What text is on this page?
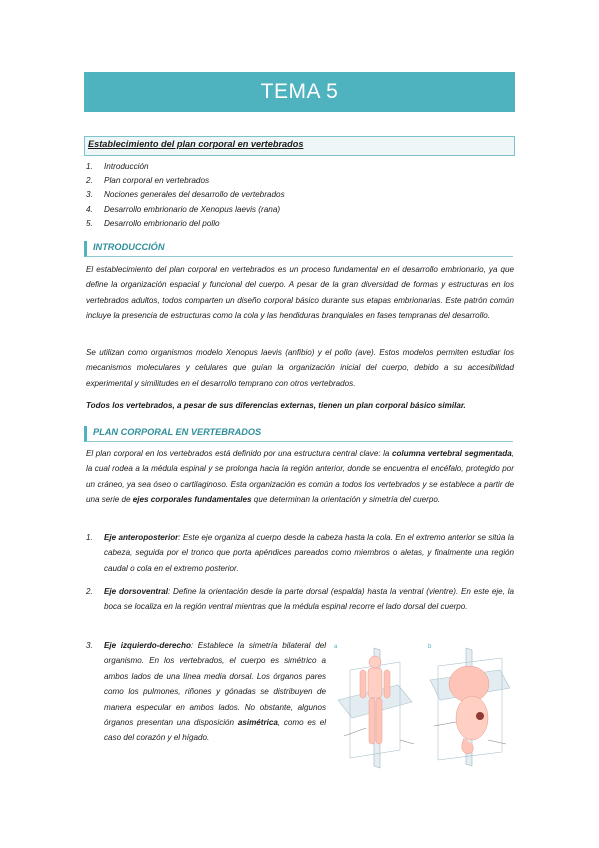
TEMA 5
Establecimiento del plan corporal en vertebrados
1.	Introducción
2.	Plan corporal en vertebrados
3.	Nociones generales del desarrollo de vertebrados
4.	Desarrollo embrionario de Xenopus laevis (rana)
5.	Desarrollo embrionario del pollo
INTRODUCCIÓN

El establecimiento del plan corporal en vertebrados es un proceso fundamental en el desarrollo embrionario, ya que define la organización espacial y funcional del cuerpo. A pesar de la gran diversidad de formas y estructuras en los vertebrados adultos, todos comparten un diseño corporal básico durante sus etapas embrionarias. Este patrón común incluye la presencia de estructuras como la cola y las hendiduras branquiales en fases tempranas del desarrollo.

Se utilizan como organismos modelo Xenopus laevis (anfibio) y el pollo (ave). Estos modelos permiten estudiar los mecanismos moleculares y celulares que guían la organización inicial del cuerpo, debido a su accesibilidad experimental y similitudes en el desarrollo temprano con otros vertebrados.

Todos los vertebrados, a pesar de sus diferencias externas, tienen un plan corporal básico similar.

PLAN CORPORAL EN VERTEBRADOS

El plan corporal en los vertebrados está definido por una estructura central clave: la columna vertebral segmentada, la cual rodea a la médula espinal y se prolonga hacia la región anterior, donde se encuentra el encéfalo, protegido por un cráneo, ya sea óseo o cartilaginoso. Esta organización es común a todos los vertebrados y se establece a partir de una serie de ejes corporales fundamentales que determinan la orientación y simetría del cuerpo.

1. Eje anteroposterior: Este eje organiza al cuerpo desde la cabeza hasta la cola. En el extremo anterior se sitúa la cabeza, seguida por el tronco que porta apéndices pareados como miembros o aletas, y finalmente una región caudal o cola en el extremo posterior.
2. Eje dorsoventral: Define la orientación desde la parte dorsal (espalda) hasta la ventral (vientre). En este eje, la boca se localiza en la región ventral mientras que la médula espinal recorre el lado dorsal del cuerpo.
3. Eje izquierdo-derecho: Establece la simetría bilateral del organismo. En los vertebrados, el cuerpo es simétrico a ambos lados de una línea media dorsal. Los órganos pares como los pulmones, riñones y gónadas se distribuyen de manera especular en ambos lados. No obstante, algunos órganos presentan una disposición asimétrica, como es el caso del corazón y el hígado.
a	b
